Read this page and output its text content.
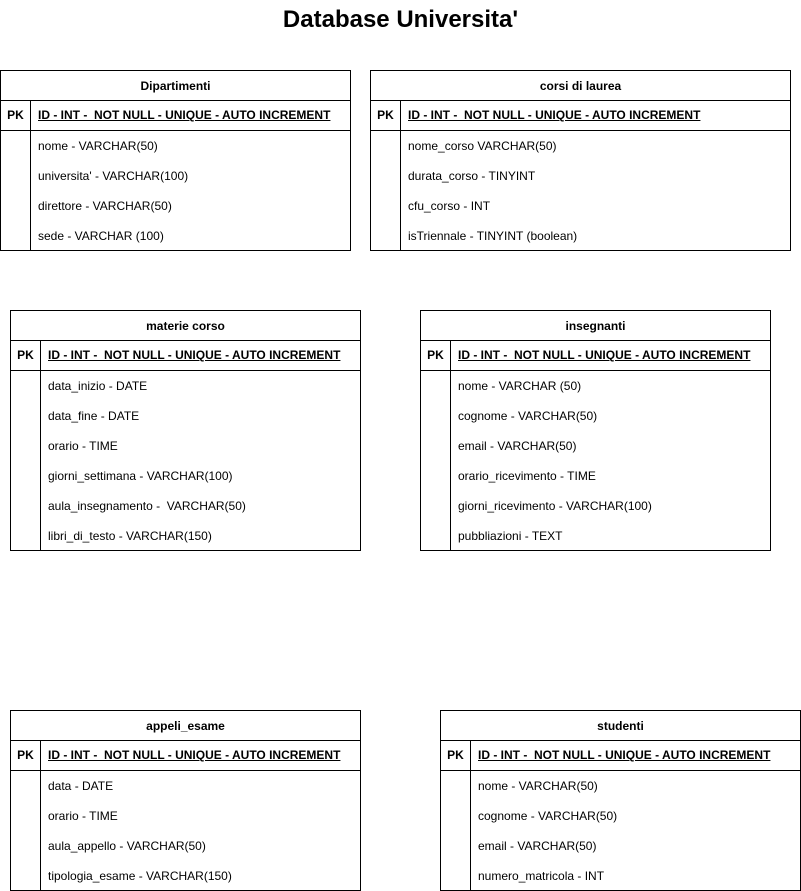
Database Universita'
Dipartimenti
PK	ID - INT -  NOT NULL - UNIQUE - AUTO INCREMENT
nome - VARCHAR(50)
universita' - VARCHAR(100)
direttore - VARCHAR(50)
sede - VARCHAR (100)
corsi di laurea
PK	ID - INT -  NOT NULL - UNIQUE - AUTO INCREMENT
nome_corso VARCHAR(50)
durata_corso - TINYINT
cfu_corso - INT
isTriennale - TINYINT (boolean)
materie corso
PK	ID - INT -  NOT NULL - UNIQUE - AUTO INCREMENT
data_inizio - DATE
data_fine - DATE
orario - TIME
giorni_settimana - VARCHAR(100)
aula_insegnamento -  VARCHAR(50)
libri_di_testo - VARCHAR(150)
insegnanti
PK	ID - INT -  NOT NULL - UNIQUE - AUTO INCREMENT
nome - VARCHAR (50)
cognome - VARCHAR(50)
email - VARCHAR(50)
orario_ricevimento - TIME
giorni_ricevimento - VARCHAR(100)
pubbliazioni - TEXT
appeli_esame
PK	ID - INT -  NOT NULL - UNIQUE - AUTO INCREMENT
data - DATE
orario - TIME
aula_appello - VARCHAR(50)
tipologia_esame - VARCHAR(150)
studenti
PK	ID - INT -  NOT NULL - UNIQUE - AUTO INCREMENT
nome - VARCHAR(50)
cognome - VARCHAR(50)
email - VARCHAR(50)
numero_matricola - INT
